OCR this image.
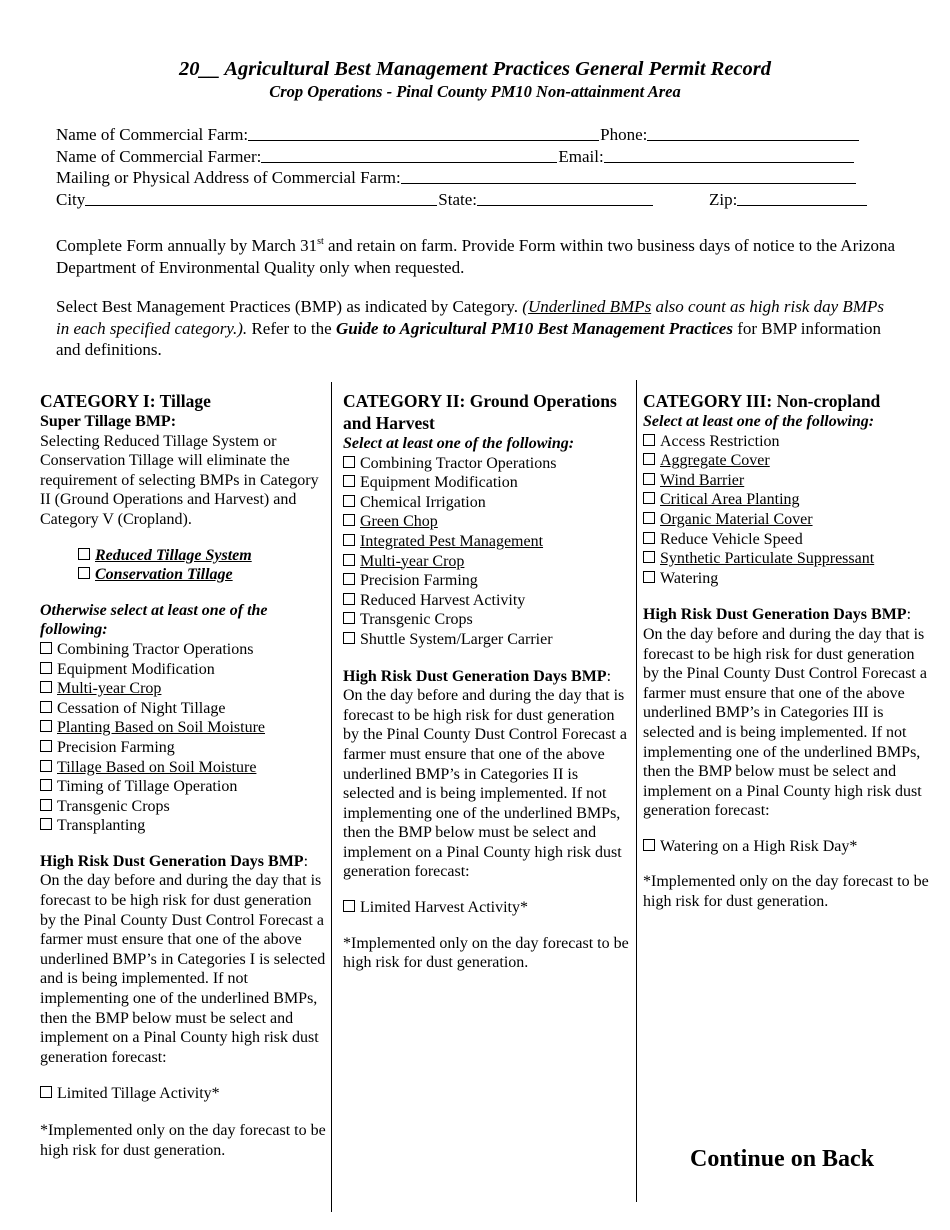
20__ Agricultural Best Management Practices General Permit Record
Crop Operations - Pinal County PM10 Non-attainment Area
Name of Commercial Farm:	Phone:
Name of Commercial Farmer:	Email:
Mailing or Physical Address of Commercial Farm:
City	State:	Zip:
Complete Form annually by March 31st and retain on farm. Provide Form within two business days of notice to the Arizona Department of Environmental Quality only when requested.
Select Best Management Practices (BMP) as indicated by Category. (Underlined BMPs also count as high risk day BMPs in each specified category.). Refer to the Guide to Agricultural PM10 Best Management Practices for BMP information and definitions.
CATEGORY I: Tillage
Super Tillage BMP:
Selecting Reduced Tillage System or Conservation Tillage will eliminate the requirement of selecting BMPs in Category II (Ground Operations and Harvest) and Category V (Cropland).
Reduced Tillage System
Conservation Tillage
Otherwise select at least one of the following:
Combining Tractor Operations
Equipment Modification
Multi-year Crop
Cessation of Night Tillage
Planting Based on Soil Moisture
Precision Farming
Tillage Based on Soil Moisture
Timing of Tillage Operation
Transgenic Crops
Transplanting
High Risk Dust Generation Days BMP:
On the day before and during the day that is forecast to be high risk for dust generation by the Pinal County Dust Control Forecast a farmer must ensure that one of the above underlined BMP’s in Categories I is selected and is being implemented. If not implementing one of the underlined BMPs, then the BMP below must be select and implement on a Pinal County high risk dust generation forecast:
Limited Tillage Activity*
*Implemented only on the day forecast to be high risk for dust generation.
CATEGORY II: Ground Operations and Harvest
Select at least one of the following:
Combining Tractor Operations
Equipment Modification
Chemical Irrigation
Green Chop
Integrated Pest Management
Multi-year Crop
Precision Farming
Reduced Harvest Activity
Transgenic Crops
Shuttle System/Larger Carrier
High Risk Dust Generation Days BMP:
On the day before and during the day that is forecast to be high risk for dust generation by the Pinal County Dust Control Forecast a farmer must ensure that one of the above underlined BMP’s in Categories II is selected and is being implemented. If not implementing one of the underlined BMPs, then the BMP below must be select and implement on a Pinal County high risk dust generation forecast:
Limited Harvest Activity*
*Implemented only on the day forecast to be high risk for dust generation.
CATEGORY III: Non-cropland
Select at least one of the following:
Access Restriction
Aggregate Cover
Wind Barrier
Critical Area Planting
Organic Material Cover
Reduce Vehicle Speed
Synthetic Particulate Suppressant
Watering
High Risk Dust Generation Days BMP:
On the day before and during the day that is forecast to be high risk for dust generation by the Pinal County Dust Control Forecast a farmer must ensure that one of the above underlined BMP’s in Categories III is selected and is being implemented. If not implementing one of the underlined BMPs, then the BMP below must be select and implement on a Pinal County high risk dust generation forecast:
Watering on a High Risk Day*
*Implemented only on the day forecast to be high risk for dust generation.
Continue on Back
